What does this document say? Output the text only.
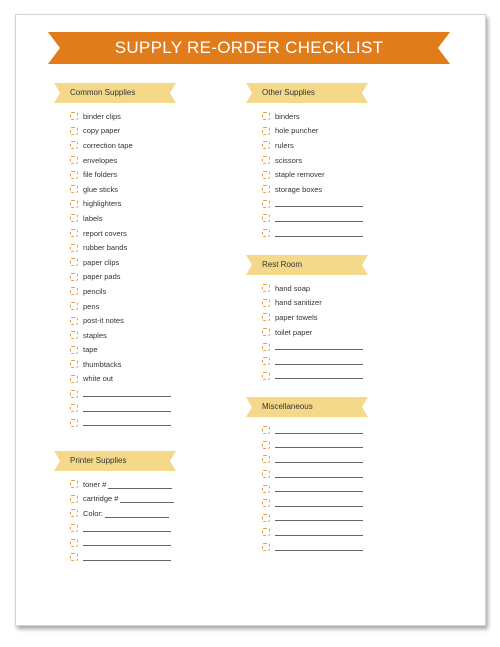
SUPPLY RE-ORDER CHECKLIST
Common Supplies
binder clips
copy paper
correction tape
envelopes
file folders
glue sticks
highlighters
labels
report covers
rubber bands
paper clips
paper pads
pencils
pens
post-it notes
staples
tape
thumbtacks
white out
Printer Supplies
toner #
cartridge #
Color:
Other Supplies
binders
hole puncher
rulers
scissors
staple remover
storage boxes
Rest Room
hand soap
hand sanitizer
paper towels
toilet paper
Miscellaneous
